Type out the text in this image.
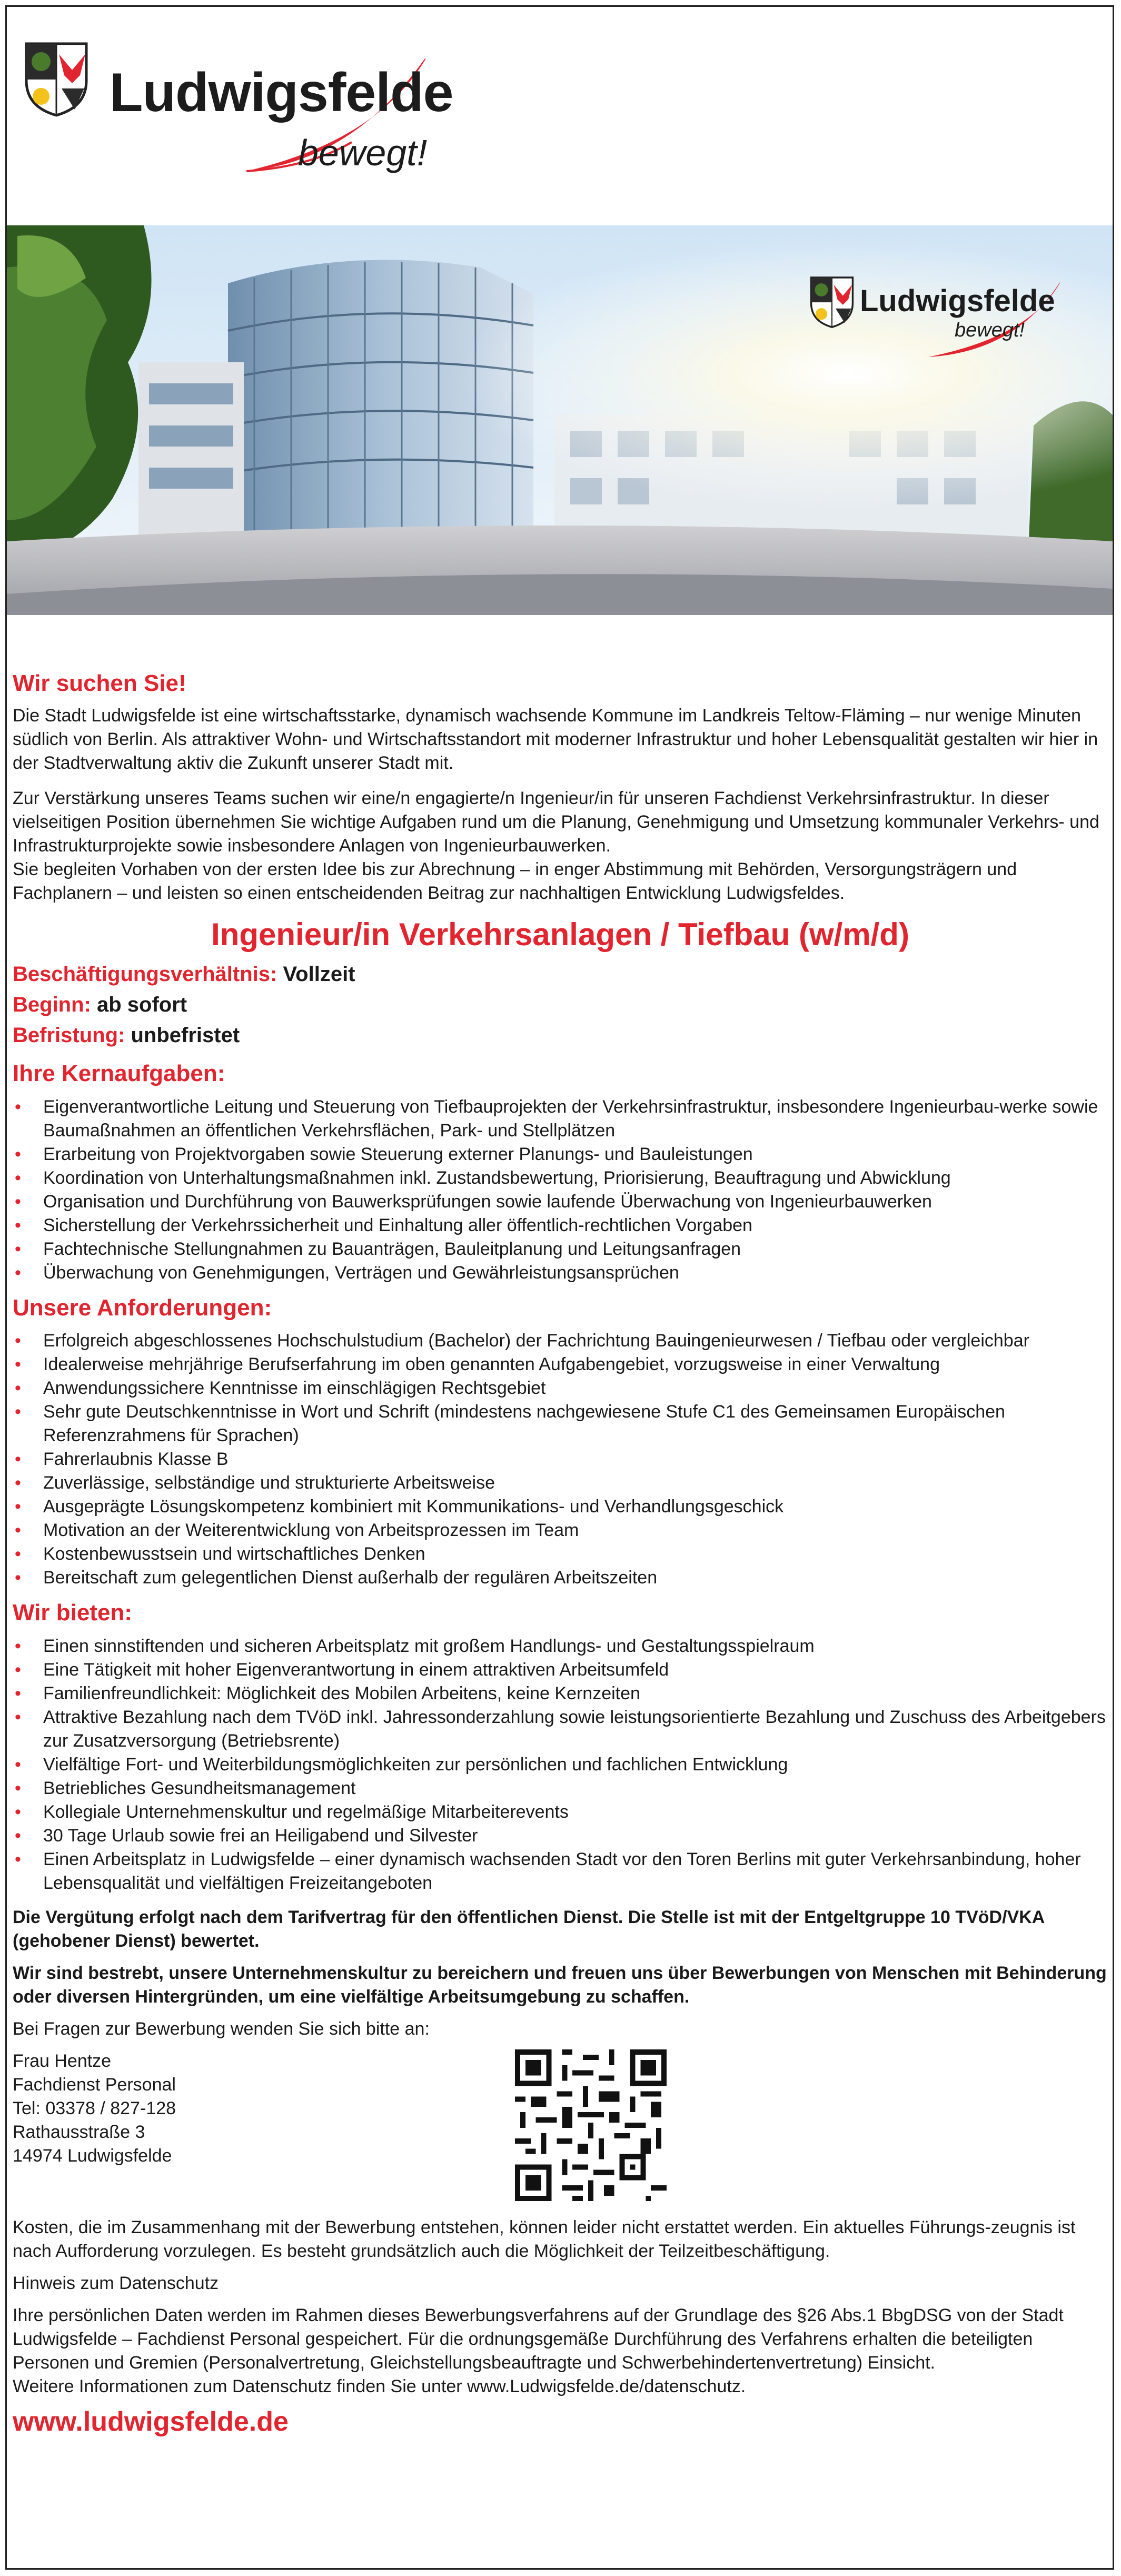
Ludwigsfelde
bewegt!
Ludwigsfelde
bewegt!
Wir suchen Sie!

Die Stadt Ludwigsfelde ist eine wirtschaftsstarke, dynamisch wachsende Kommune im Landkreis Teltow-Fläming – nur wenige Minuten südlich von Berlin. Als attraktiver Wohn- und Wirtschaftsstandort mit moderner Infrastruktur und hoher Lebensqualität gestalten wir hier in der Stadtverwaltung aktiv die Zukunft unserer Stadt mit.

Zur Verstärkung unseres Teams suchen wir eine/n engagierte/n Ingenieur/in für unseren Fachdienst Verkehrsinfrastruktur. In dieser vielseitigen Position übernehmen Sie wichtige Aufgaben rund um die Planung, Genehmigung und Umsetzung kommunaler Verkehrs- und Infrastrukturprojekte sowie insbesondere Anlagen von Ingenieurbauwerken.

Sie begleiten Vorhaben von der ersten Idee bis zur Abrechnung – in enger Abstimmung mit Behörden, Versorgungsträgern und Fachplanern – und leisten so einen entscheidenden Beitrag zur nachhaltigen Entwicklung Ludwigsfeldes.

Ingenieur/in Verkehrsanlagen / Tiefbau (w/m/d)
Beschäftigungsverhältnis: Vollzeit
Beginn: ab sofort
Befristung: unbefristet
Ihre Kernaufgaben:
• Eigenverantwortliche Leitung und Steuerung von Tiefbauprojekten der Verkehrsinfrastruktur, insbesondere Ingenieurbau-werke sowie Baumaßnahmen an öffentlichen Verkehrsflächen, Park- und Stellplätzen
• Erarbeitung von Projektvorgaben sowie Steuerung externer Planungs- und Bauleistungen
• Koordination von Unterhaltungsmaßnahmen inkl. Zustandsbewertung, Priorisierung, Beauftragung und Abwicklung
• Organisation und Durchführung von Bauwerksprüfungen sowie laufende Überwachung von Ingenieurbauwerken
• Sicherstellung der Verkehrssicherheit und Einhaltung aller öffentlich-rechtlichen Vorgaben
• Fachtechnische Stellungnahmen zu Bauanträgen, Bauleitplanung und Leitungsanfragen
• Überwachung von Genehmigungen, Verträgen und Gewährleistungsansprüchen
Unsere Anforderungen:
• Erfolgreich abgeschlossenes Hochschulstudium (Bachelor) der Fachrichtung Bauingenieurwesen / Tiefbau oder vergleichbar
• Idealerweise mehrjährige Berufserfahrung im oben genannten Aufgabengebiet, vorzugsweise in einer Verwaltung
• Anwendungssichere Kenntnisse im einschlägigen Rechtsgebiet
• Sehr gute Deutschkenntnisse in Wort und Schrift (mindestens nachgewiesene Stufe C1 des Gemeinsamen Europäischen Referenzrahmens für Sprachen)
• Fahrerlaubnis Klasse B
• Zuverlässige, selbständige und strukturierte Arbeitsweise
• Ausgeprägte Lösungskompetenz kombiniert mit Kommunikations- und Verhandlungsgeschick
• Motivation an der Weiterentwicklung von Arbeitsprozessen im Team
• Kostenbewusstsein und wirtschaftliches Denken
• Bereitschaft zum gelegentlichen Dienst außerhalb der regulären Arbeitszeiten
Wir bieten:
• Einen sinnstiftenden und sicheren Arbeitsplatz mit großem Handlungs- und Gestaltungsspielraum
• Eine Tätigkeit mit hoher Eigenverantwortung in einem attraktiven Arbeitsumfeld
• Familienfreundlichkeit: Möglichkeit des Mobilen Arbeitens, keine Kernzeiten
• Attraktive Bezahlung nach dem TVöD inkl. Jahressonderzahlung sowie leistungsorientierte Bezahlung und Zuschuss des Arbeitgebers zur Zusatzversorgung (Betriebsrente)
• Vielfältige Fort- und Weiterbildungsmöglichkeiten zur persönlichen und fachlichen Entwicklung
• Betriebliches Gesundheitsmanagement
• Kollegiale Unternehmenskultur und regelmäßige Mitarbeiterevents
• 30 Tage Urlaub sowie frei an Heiligabend und Silvester
• Einen Arbeitsplatz in Ludwigsfelde – einer dynamisch wachsenden Stadt vor den Toren Berlins mit guter Verkehrsanbindung, hoher Lebensqualität und vielfältigen Freizeitangeboten

Die Vergütung erfolgt nach dem Tarifvertrag für den öffentlichen Dienst. Die Stelle ist mit der Entgeltgruppe 10 TVöD/VKA (gehobener Dienst) bewertet.

Wir sind bestrebt, unsere Unternehmenskultur zu bereichern und freuen uns über Bewerbungen von Menschen mit Behinderung oder diversen Hintergründen, um eine vielfältige Arbeitsumgebung zu schaffen.

Bei Fragen zur Bewerbung wenden Sie sich bitte an:

Frau Hentze

Fachdienst Personal

Tel: 03378 / 827-128

Rathausstraße 3

14974 Ludwigsfelde

Kosten, die im Zusammenhang mit der Bewerbung entstehen, können leider nicht erstattet werden. Ein aktuelles Führungs-zeugnis ist nach Aufforderung vorzulegen. Es besteht grundsätzlich auch die Möglichkeit der Teilzeitbeschäftigung.

Hinweis zum Datenschutz

Ihre persönlichen Daten werden im Rahmen dieses Bewerbungsverfahrens auf der Grundlage des §26 Abs.1 BbgDSG von der Stadt Ludwigsfelde – Fachdienst Personal gespeichert. Für die ordnungsgemäße Durchführung des Verfahrens erhalten die beteiligten Personen und Gremien (Personalvertretung, Gleichstellungsbeauftragte und Schwerbehindertenvertretung) Einsicht.

Weitere Informationen zum Datenschutz finden Sie unter www.Ludwigsfelde.de/datenschutz.

www.ludwigsfelde.de
